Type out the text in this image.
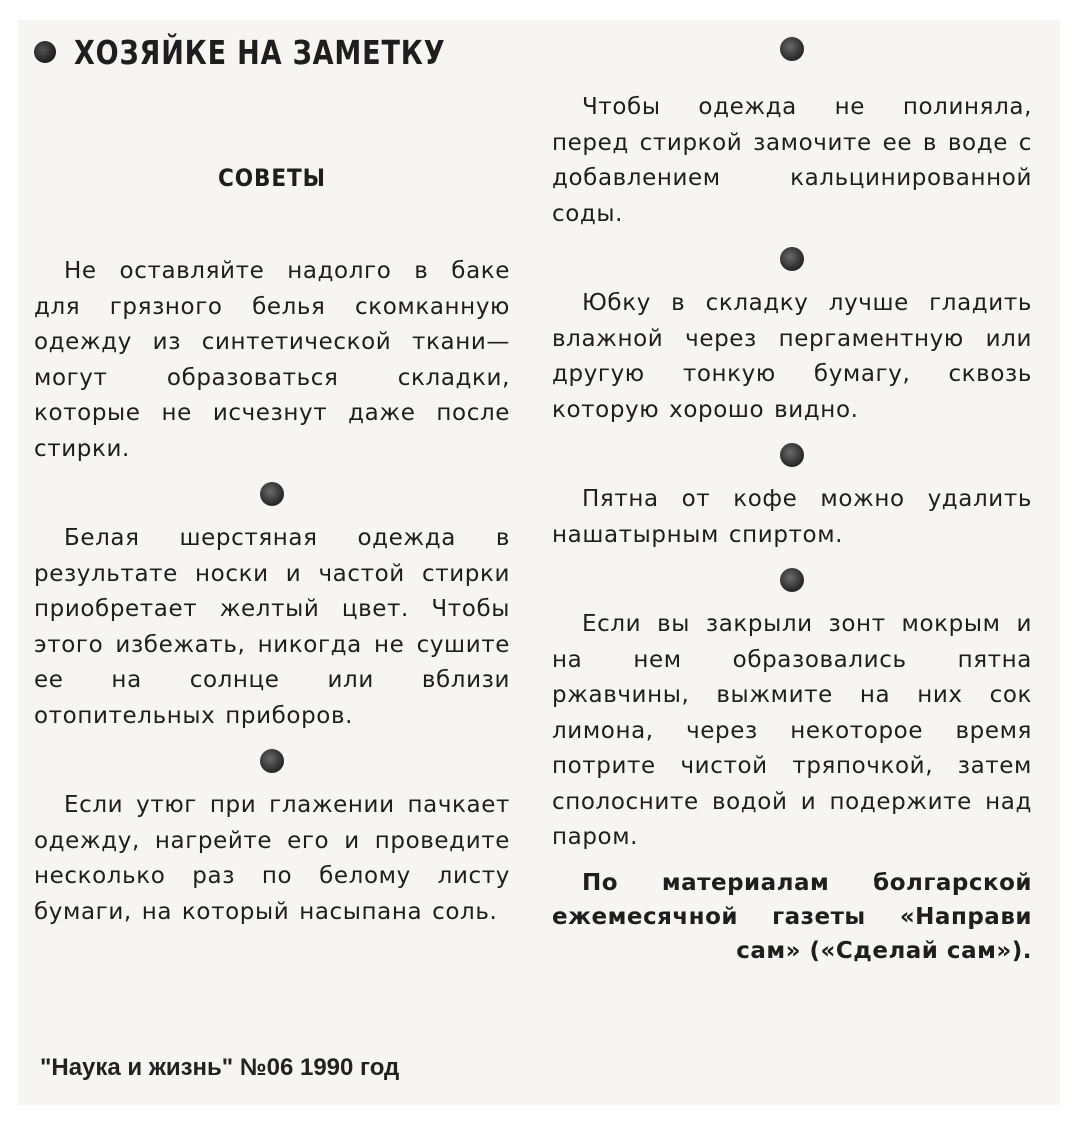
ХОЗЯЙКЕ НА ЗАМЕТКУ
СОВЕТЫ

Не оставляйте надолго в баке для грязного белья скомканную одежду из синтетической ткани—могут образоваться складки, которые не исчезнут даже после стирки.

Белая шерстяная одежда в результате носки и частой стирки приобретает желтый цвет. Чтобы этого избежать, никогда не сушите ее на солнце или вблизи отопительных приборов.

Если утюг при глажении пачкает одежду, нагрейте его и проведите несколько раз по белому листу бумаги, на который насыпана соль.

Чтобы одежда не полиняла, перед стиркой замочите ее в воде с добавлением кальцинированной соды.

Юбку в складку лучше гладить влажной через пергаментную или другую тонкую бумагу, сквозь которую хорошо видно.

Пятна от кофе можно удалить нашатырным спиртом.

Если вы закрыли зонт мокрым и на нем образовались пятна ржавчины, выжмите на них сок лимона, через некоторое время потрите чистой тряпочкой, затем сполосните водой и подержите над паром.

По материалам болгарской ежемесячной газеты «Направи сам» («Сделай сам»).

"Наука и жизнь" №06 1990 год
